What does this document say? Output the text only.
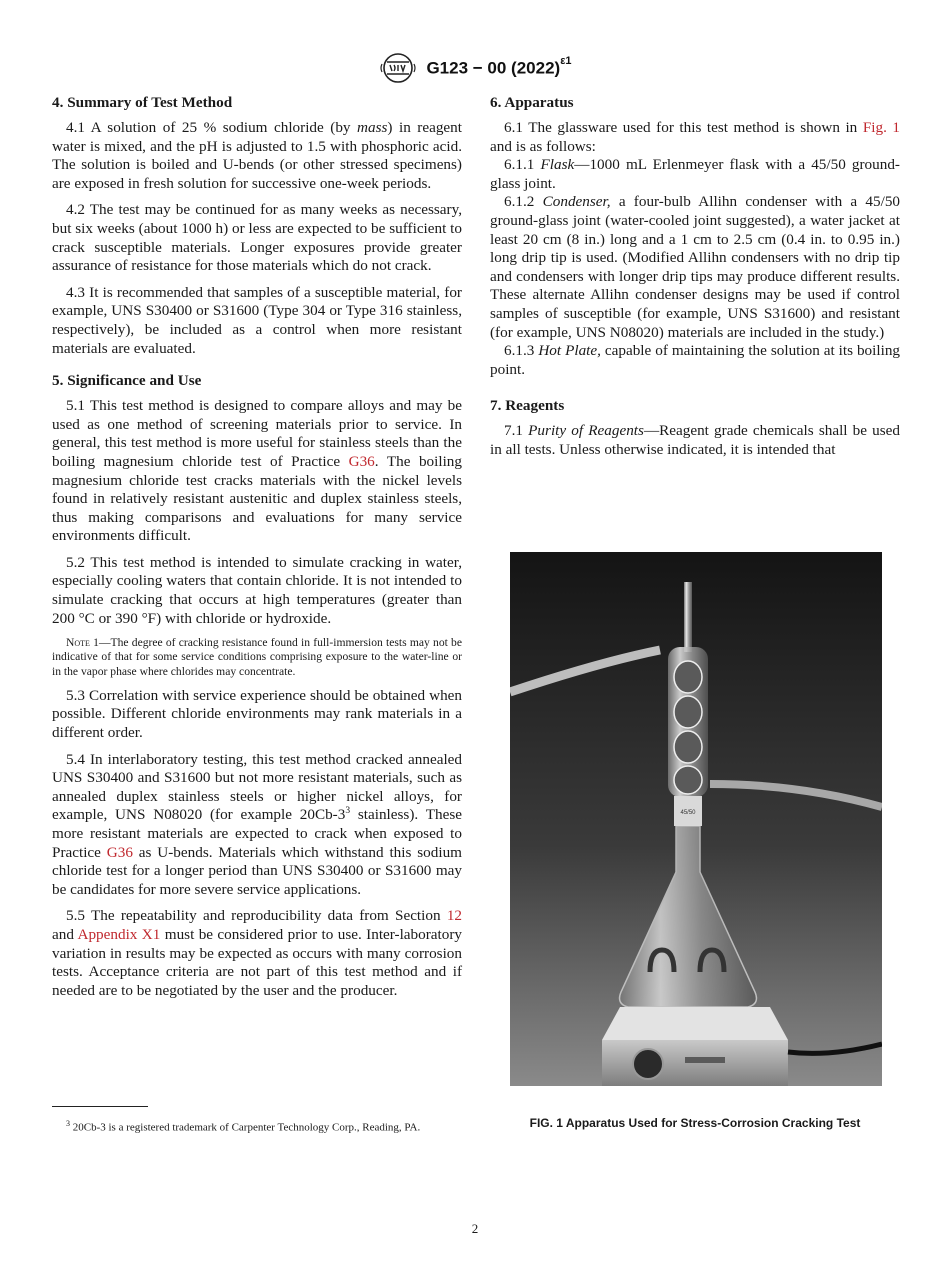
G123 − 00 $(2022)^{\varepsilon 1}$
4. Summary of Test Method

4.1 A solution of 25 % sodium chloride (by mass) in reagent water is mixed, and the pH is adjusted to 1.5 with phosphoric acid. The solution is boiled and U-bends (or other stressed specimens) are exposed in fresh solution for successive one-week periods.

4.2 The test may be continued for as many weeks as necessary, but six weeks (about 1000 h) or less are expected to be sufficient to crack susceptible materials. Longer exposures provide greater assurance of resistance for those materials which do not crack.

4.3 It is recommended that samples of a susceptible material, for example, UNS S30400 or S31600 (Type 304 or Type 316 stainless, respectively), be included as a control when more resistant materials are evaluated.

5. Significance and Use

5.1 This test method is designed to compare alloys and may be used as one method of screening materials prior to service. In general, this test method is more useful for stainless steels than the boiling magnesium chloride test of Practice G36. The boiling magnesium chloride test cracks materials with the nickel levels found in relatively resistant austenitic and duplex stainless steels, thus making comparisons and evaluations for many service environments difficult.

5.2 This test method is intended to simulate cracking in water, especially cooling waters that contain chloride. It is not intended to simulate cracking that occurs at high temperatures (greater than 200 °C or 390 °F) with chloride or hydroxide.

Note 1—The degree of cracking resistance found in full-immersion tests may not be indicative of that for some service conditions comprising exposure to the water-line or in the vapor phase where chlorides may concentrate.

5.3 Correlation with service experience should be obtained when possible. Different chloride environments may rank materials in a different order.

5.4 In interlaboratory testing, this test method cracked annealed UNS S30400 and S31600 but not more resistant materials, such as annealed duplex stainless steels or higher nickel alloys, for example, UNS N08020 (for example 20Cb-3$^3$ stainless). These more resistant materials are expected to crack when exposed to Practice G36 as U-bends. Materials which withstand this sodium chloride test for a longer period than UNS S30400 or S31600 may be candidates for more severe service applications.

5.5 The repeatability and reproducibility data from Section 12 and Appendix X1 must be considered prior to use. Inter-laboratory variation in results may be expected as occurs with many corrosion tests. Acceptance criteria are not part of this test method and if needed are to be negotiated by the user and the producer.

6. Apparatus

6.1 The glassware used for this test method is shown in Fig. 1 and is as follows:

6.1.1 Flask—1000 mL Erlenmeyer flask with a 45/50 ground-glass joint.

6.1.2 Condenser, a four-bulb Allihn condenser with a 45/50 ground-glass joint (water-cooled joint suggested), a water jacket at least 20 cm (8 in.) long and a 1 cm to 2.5 cm (0.4 in. to 0.95 in.) long drip tip is used. (Modified Allihn condensers with no drip tip and condensers with longer drip tips may produce different results. These alternate Allihn condenser designs may be used if control samples of susceptible (for example, UNS S31600) and resistant (for example, UNS N08020) materials are included in the study.)

6.1.3 Hot Plate, capable of maintaining the solution at its boiling point.

7. Reagents

7.1 Purity of Reagents—Reagent grade chemicals shall be used in all tests. Unless otherwise indicated, it is intended that

45/50
$^3$ 20Cb-3 is a registered trademark of Carpenter Technology Corp., Reading, PA.	FIG. 1 Apparatus Used for Stress-Corrosion Cracking Test
2
